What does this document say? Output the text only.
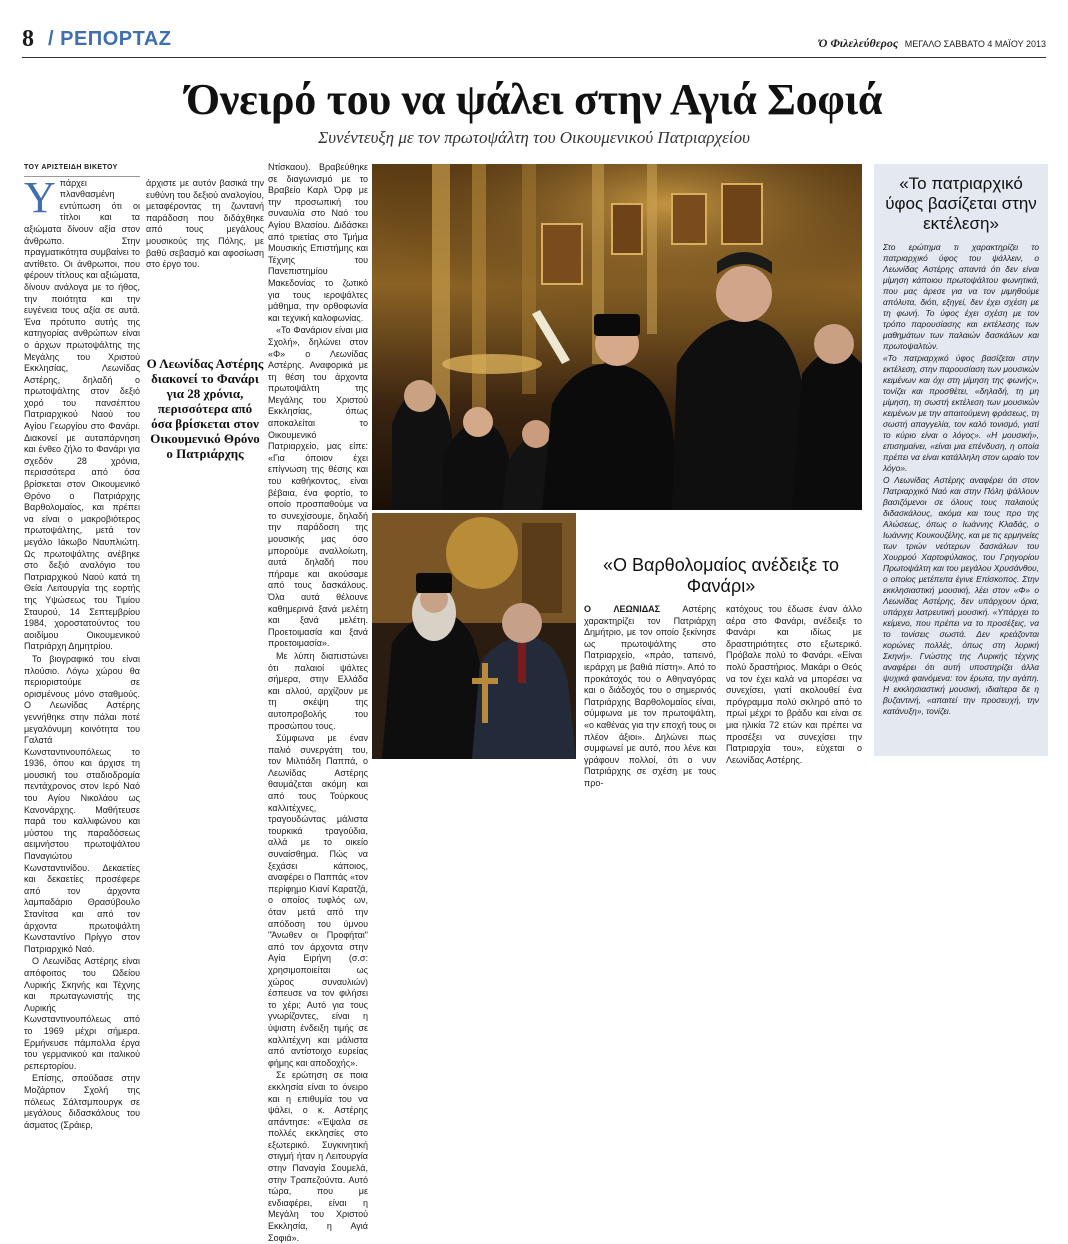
8 / ΡΕΠΟΡΤΑΖ	Ό Φιλελεύθερος ΜΕΓΑΛΟ ΣΑΒΒΑΤΟ 4 ΜΑΪΟΥ 2013
Όνειρό του να ψάλει στην Αγιά Σοφιά
Συνέντευξη με τον πρωτοψάλτη του Οικουμενικού Πατριαρχείου

ΤΟΥ ΑΡΙΣΤΕΙΔΗ ΒΙΚΕΤΟΥ

Υπάρχει πλανθασμένη εντύπωση ότι οι τίτλοι και τα αξιώματα δίνουν αξία στον άνθρωπο. Στην πραγματικότητα συμβαίνει το αντίθετο. Οι άνθρωποι, που φέρουν τίτλους και αξιώματα, δίνουν ανάλογα με το ήθος, την ποιότητα και την ευγένεια τους αξία σε αυτά. Ένα πρότυπο αυτής της κατηγορίας ανθρώπων είναι ο άρχων πρωτοψάλτης της Μεγάλης του Χριστού Εκκλησίας, Λεωνίδας Αστέρης, δηλαδή ο πρωτοψάλτης στον δεξιό χορό του πανσέπτου Πατριαρχικού Ναού του Αγίου Γεωργίου στο Φανάρι. Διακονεί με αυταπάρνηση και ένθεο ζήλο το Φανάρι για σχεδόν 28 χρόνια, περισσότερα από όσα βρίσκεται στον Οικουμενικό Θρόνο ο Πατριάρχης Βαρθολομαίος, και πρέπει να είναι ο μακροβιότερος πρωτοψάλτης, μετά τον μεγάλο Ιάκωβο Ναυπλιώτη. Ως πρωτοψάλτης ανέβηκε στο δεξιό αναλόγιο του Πατριαρχικού Ναού κατά τη Θεία Λειτουργία της εορτής της Υψώσεως του Τιμίου Σταυρού, 14 Σεπτεμβρίου 1984, χοροστατούντος του αοιδίμου Οικουμενικού Πατριάρχη Δημητρίου.

Το βιογραφικό του είναι πλούσιο. Λόγω χώρου θα περιοριστούμε σε ορισμένους μόνο σταθμούς. Ο Λεωνίδας Αστέρης γεννήθηκε στην πάλαι ποτέ μεγαλόνυμη κοινότητα του Γαλατά Κωνσταντινουπόλεως το 1936, όπου και άρχισε τη μουσική του σταδιοδρομία πεντάχρονος στον Ιερό Ναό του Αγίου Νικολάου ως Κανονάρχης. Μαθήτευσε παρά του καλλιφώνου και μύστου της παραδόσεως αειμνήστου πρωτοψάλτου Παναγιώτου Κωνσταντινίδου. Δεκαετίες και δεκαετίες προσέφερε από τον άρχοντα λαμπαδάριο Θρασύβουλο Στανίτσα και από τον άρχοντα πρωτοψάλτη Κωνσταντίνο Πρίγγο στον Πατριαρχικό Ναό.

Ο Λεωνίδας Αστέρης είναι απόφοιτος του Ωδείου Λυρικής Σκηνής και Τέχνης και πρωταγωνιστής της Λυρικής Κωνσταντινουπόλεως από το 1969 μέχρι σήμερα. Ερμήνευσε πάμπολλα έργα του γερμανικού και ιταλικού ρεπερτορίου.

Επίσης, σπούδασε στην Μοζάρτιον Σχολή της πόλεως Σάλτσμπουργκ σε μεγάλους διδασκάλους του άσματος (Σράιερ,

άρχιστε με αυτόν βασικά την ευθύνη του δεξιού αναλογίου, μεταφέροντας τη ζωντανή παράδοση που διδάχθηκε από τους μεγάλους μουσικούς της Πόλης, με βαθύ σεβασμό και αφοσίωση στο έργο του.

Ο Λεωνίδας Αστέρης διακονεί το Φανάρι για 28 χρόνια, περισσότερα από όσα βρίσκεται στον Οικουμενικό Θρόνο ο Πατριάρχης

Ντίσκαου). Βραβεύθηκε σε διαγωνισμό με το Βραβείο Καρλ Όρφ με την προσωπική του συναυλία στο Ναό του Αγίου Βλασίου. Διδάσκει από τριετίας στο Τμήμα Μουσικής Επιστήμης και Τέχνης του Πανεπιστημίου Μακεδονίας το ζωτικό για τους ιεροψάλτες μάθημα, την ορθοφωνία και τεχνική καλοφωνίας.

«Το Φανάριον είναι μια Σχολή», δηλώνει στον «Φ» ο Λεωνίδας Αστέρης. Αναφορικά με τη θέση του άρχοντα πρωτοψάλτη της Μεγάλης του Χριστού Εκκλησίας, όπως αποκαλείται το Οικουμενικό Πατριαρχείο, μας είπε: «Για όποιον έχει επίγνωση της θέσης και του καθήκοντος, είναι βέβαια, ένα φορτίο, το οποίο προσπαθούμε να το συνεχίσουμε, δηλαδή την παράδοση της μουσικής μας όσο μπορούμε αναλλοίωτη, αυτά δηλαδή που πήραμε και ακούσαμε από τους δασκάλους. Όλα αυτά θέλουνε καθημερινά ξανά μελέτη και ξανά μελέτη. Προετοιμασία και ξανά προετοιμασία».

Με λύπη διαπιστώνει ότι παλαιοί ψάλτες σήμερα, στην Ελλάδα και αλλού, αρχίζουν με τη σκέψη της αυτοπροβολής του προσώπου τους.

Σύμφωνα με έναν παλιό συνεργάτη του, τον Μιλτιάδη Παππά, ο Λεωνίδας Αστέρης θαυμάζεται ακόμη και από τους Τούρκους καλλιτέχνες, τραγουδώντας μάλιστα τουρκικά τραγούδια, αλλά με το οικείο συναίσθημα. Πώς να ξεχάσει κάποιος, αναφέρει ο Παππάς «τον περίφημο Κιανί Καρατζά, ο οποίος τυφλός ων, όταν μετά από την απόδοση του ύμνου "Άνωθεν οι Προφήται" από τον άρχοντα στην Αγία Ειρήνη (σ.σ: χρησιμοποιείται ως χώρος συναυλιών) έσπευσε να τον φιλήσει το χέρι; Αυτό για τους γνωρίζοντες, είναι η ύψιστη ένδειξη τιμής σε καλλιτέχνη και μάλιστα από αντίστοιχο ευρείας φήμης και αποδοχής».

Σε ερώτηση σε ποια εκκλησία είναι το όνειρο και η επιθυμία του να ψάλει, ο κ. Αστέρης απάντησε: «Έψαλα σε πολλές εκκλησίες στο εξωτερικό. Συγκινητική στιγμή ήταν η Λειτουργία στην Παναγία Σουμελά, στην Τραπεζούντα. Αυτό τώρα, που με ενδιαφέρει, είναι η Μεγάλη του Χριστού Εκκλησία, η Αγιά Σοφιά».

«Ο Βαρθολομαίος ανέδειξε το Φανάρι»

Ο ΛΕΩΝΙΔΑΣ Αστέρης χαρακτηρίζει τον Πατριάρχη Δημήτριο, με τον οποίο ξεκίνησε ως πρωτοψάλτης στο Πατριαρχείο, «πράο, ταπεινό, ιεράρχη με βαθιά πίστη». Από το προκάτοχός του ο Αθηναγόρας και ο διάδοχός του ο σημερινός Πατριάρχης Βαρθολομαίος είναι, σύμφωνα με τον πρωτοψάλτη, «ο καθένας για την εποχή τους οι πλέον άξιοι». Δηλώνει πως συμφωνεί με αυτό, που λένε και γράφουν πολλοί, ότι ο νυν Πατριάρχης σε σχέση με τους προ-

κατόχους του έδωσε έναν άλλο αέρα στο Φανάρι, ανέδειξε το Φανάρι και ιδίως με δραστηριότητες στο εξωτερικό. Πρόβαλε πολύ το Φανάρι. «Είναι πολύ δραστήριος. Μακάρι ο Θεός να τον έχει καλά να μπορέσει να συνεχίσει, γιατί ακολουθεί ένα πρόγραμμα πολύ σκληρό από το πρωί μέχρι το βράδυ και είναι σε μια ηλικία 72 ετών και πρέπει να προσέξει να συνεχίσει την Πατριαρχία του», εύχεται ο Λεωνίδας Αστέρης.

«Το πατριαρχικό ύφος βασίζεται στην εκτέλεση»

Στο ερώτημα τι χαρακτηρίζει το πατριαρχικό ύφος του ψάλλειν, ο Λεωνίδας Αστέρης απαντά ότι δεν είναι μίμηση κάποιου πρωτοψάλτου φωνητικά, που μας άρεσε για να τον μιμηθούμε απόλυτα, διότι, εξηγεί, δεν έχει σχέση με τη φωνή. Το ύφος έχει σχέση με τον τρόπο παρουσίασης και εκτέλεσης των μαθημάτων των παλαιών δασκάλων και πρωτοψαλτών.

«Το πατριαρχικό ύφος βασίζεται στην εκτέλεση, στην παρουσίαση των μουσικών κειμένων και όχι στη μίμηση της φωνής», τονίζει και προσθέτει, «δηλαδή, τη μη μίμηση, τη σωστή εκτέλεση των μουσικών κειμένων με την απαιτούμενη φράσεως, τη σωστή απαγγελία, τον καλό τονισμό, γιατί το κύριο είναι ο λόγος». «Η μουσική», επισημαίνει, «είναι μια επένδυση, η οποία πρέπει να είναι κατάλληλη στον ωραίο τον λόγο».

Ο Λεωνίδας Αστέρης αναφέρει ότι στον Πατριαρχικό Ναό και στην Πόλη ψάλλουν βασιζόμενοι σε όλους τους παλαιούς διδασκάλους, ακόμα και τους προ της Αλώσεως, όπως ο Ιωάννης Κλαδάς, ο Ιωάννης Κουκουζέλης, και με τις ερμηνείες των τριών νεότερων δασκάλων του Χουρμού Χαρτοφύλακος, του Γρηγορίου Πρωτοψάλτη και του μεγάλου Χρυσάνθου, ο οποίος μετέπειτα έγινε Επίσκοπος. Στην εκκλησιαστική μουσική, λέει στον «Φ» ο Λεωνίδας Αστέρης, δεν υπάρχουν όρια, υπάρχει λατρευτική μουσική. «Υπάρχει το κείμενο, που πρέπει να το προσέξεις, να το τονίσεις σωστά. Δεν κρεάζονται κορώνες πολλές, όπως στη λυρική Σκηνή». Γνώστης της Λυρικής τέχνης αναφέρει ότι αυτή υποστηρίζει άλλα ψυχικά φαινόμενα: τον έρωτα, την αγάπη. Η εκκλησιαστική μουσική, ιδιαίτερα δε η βυζαντινή, «απαιτεί την προσευχή, την κατάνυξη», τονίζει.
